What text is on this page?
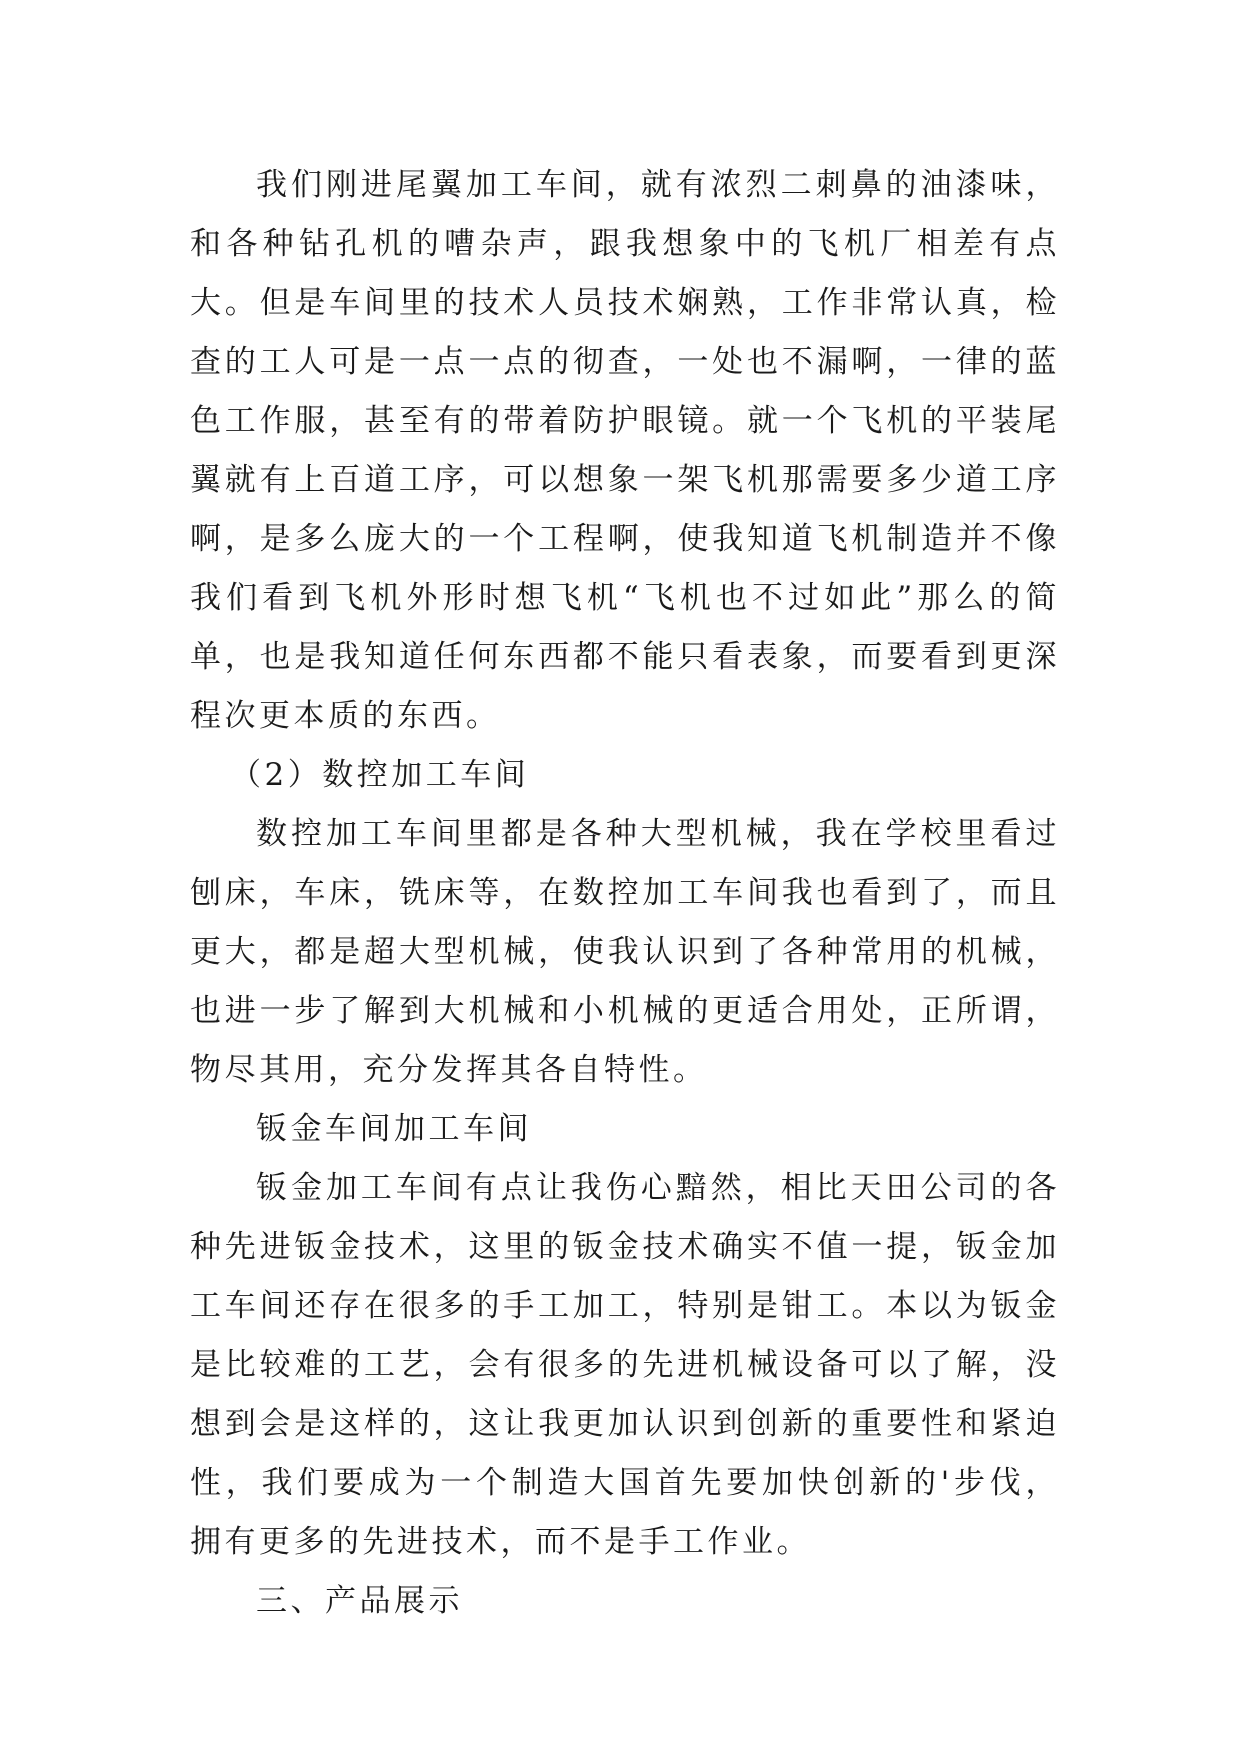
我们刚进尾翼加工车间，就有浓烈二刺鼻的油漆味，和各种钻孔机的嘈杂声，跟我想象中的飞机厂相差有点大。但是车间里的技术人员技术娴熟，工作非常认真，检查的工人可是一点一点的彻查，一处也不漏啊，一律的蓝色工作服，甚至有的带着防护眼镜。就一个飞机的平装尾翼就有上百道工序，可以想象一架飞机那需要多少道工序啊，是多么庞大的一个工程啊，使我知道飞机制造并不像我们看到飞机外形时想飞机“飞机也不过如此”那么的简单，也是我知道任何东西都不能只看表象，而要看到更深程次更本质的东西。

（2）数控加工车间

数控加工车间里都是各种大型机械，我在学校里看过刨床，车床，铣床等，在数控加工车间我也看到了，而且更大，都是超大型机械，使我认识到了各种常用的机械，也进一步了解到大机械和小机械的更适合用处，正所谓，物尽其用，充分发挥其各自特性。

钣金车间加工车间

钣金加工车间有点让我伤心黯然，相比天田公司的各种先进钣金技术，这里的钣金技术确实不值一提，钣金加工车间还存在很多的手工加工，特别是钳工。本以为钣金是比较难的工艺，会有很多的先进机械设备可以了解，没想到会是这样的，这让我更加认识到创新的重要性和紧迫性，我们要成为一个制造大国首先要加快创新的'步伐，拥有更多的先进技术，而不是手工作业。

三、产品展示
